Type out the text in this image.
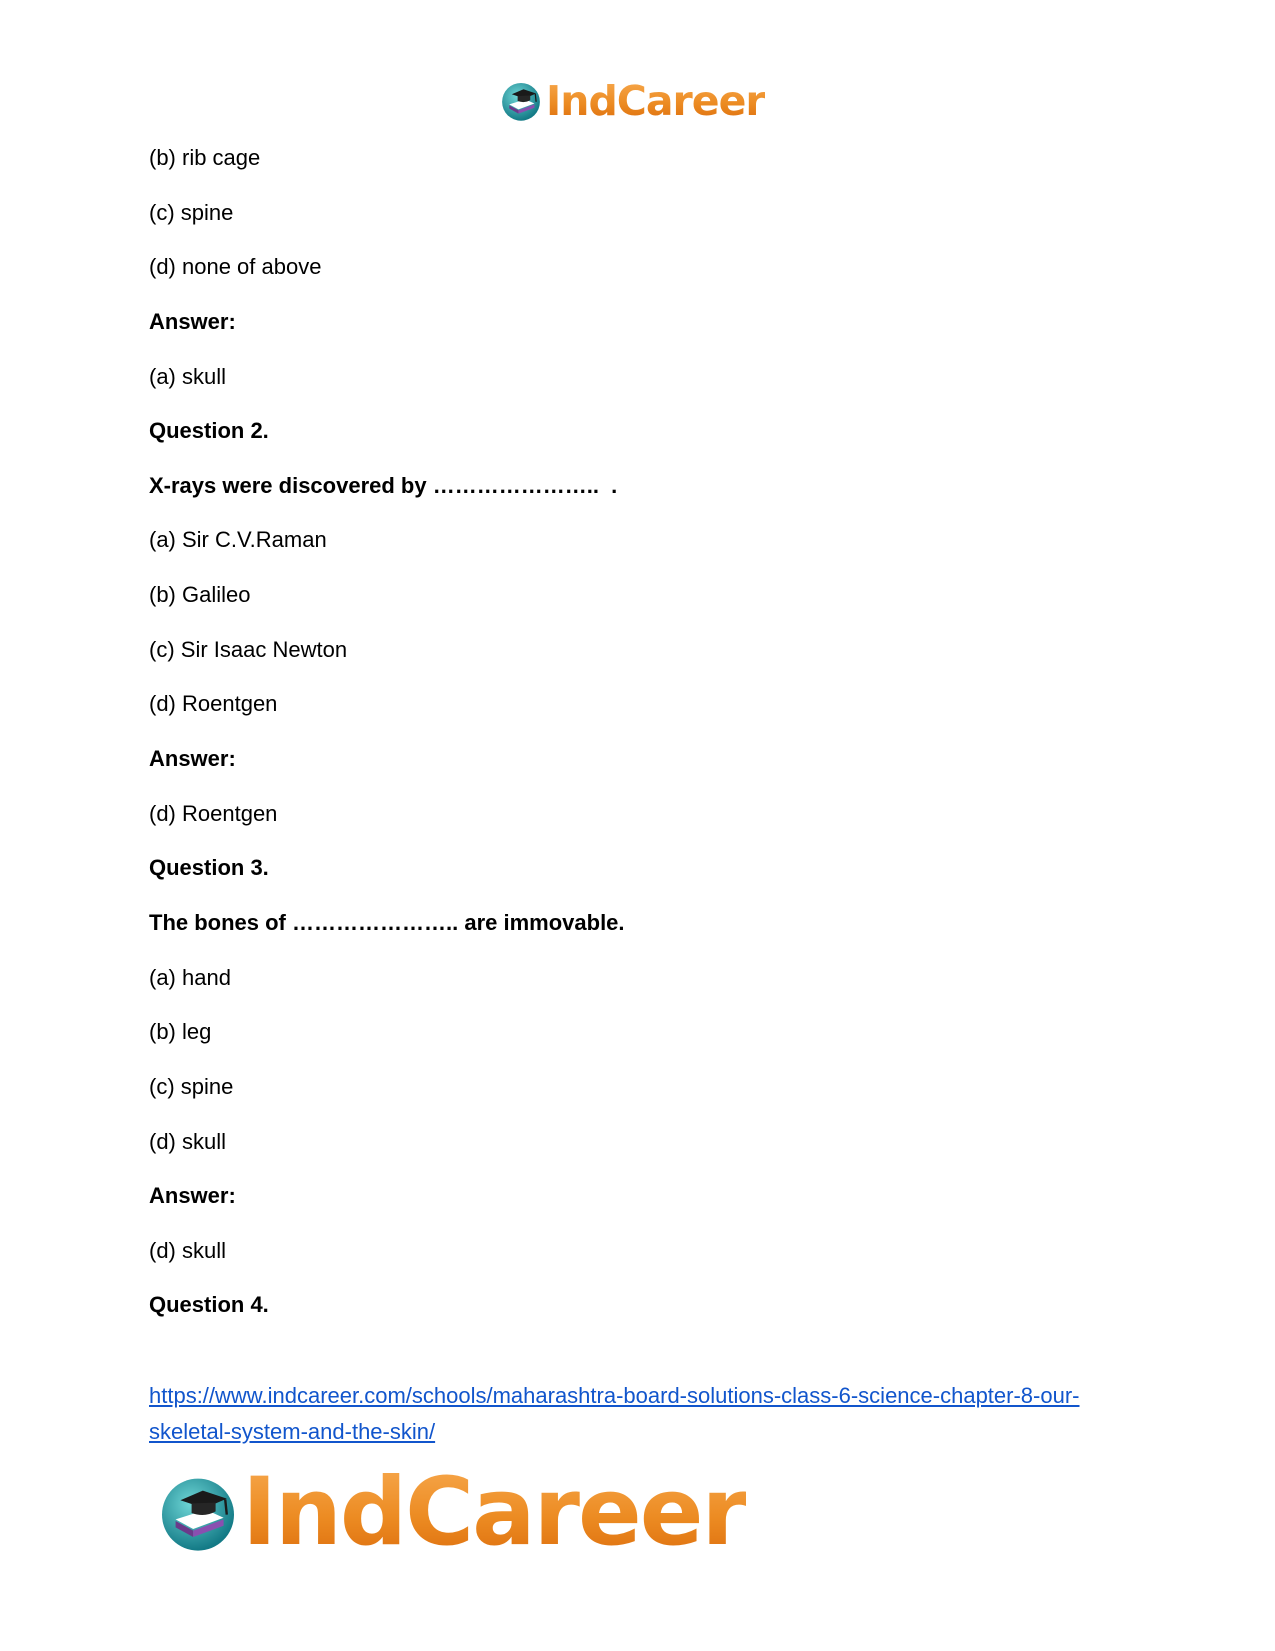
IndCareer
(b) rib cage
(c) spine
(d) none of above
Answer:
(a) skull
Question 2.
X-rays were discovered by …………………..  .
(a) Sir C.V.Raman
(b) Galileo
(c) Sir Isaac Newton
(d) Roentgen
Answer:
(d) Roentgen
Question 3.
The bones of ………………….. are immovable.
(a) hand
(b) leg
(c) spine
(d) skull
Answer:
(d) skull
Question 4.
https://www.indcareer.com/schools/maharashtra-board-solutions-class-6-science-chapter-8-our-
skeletal-system-and-the-skin/
IndCareer
